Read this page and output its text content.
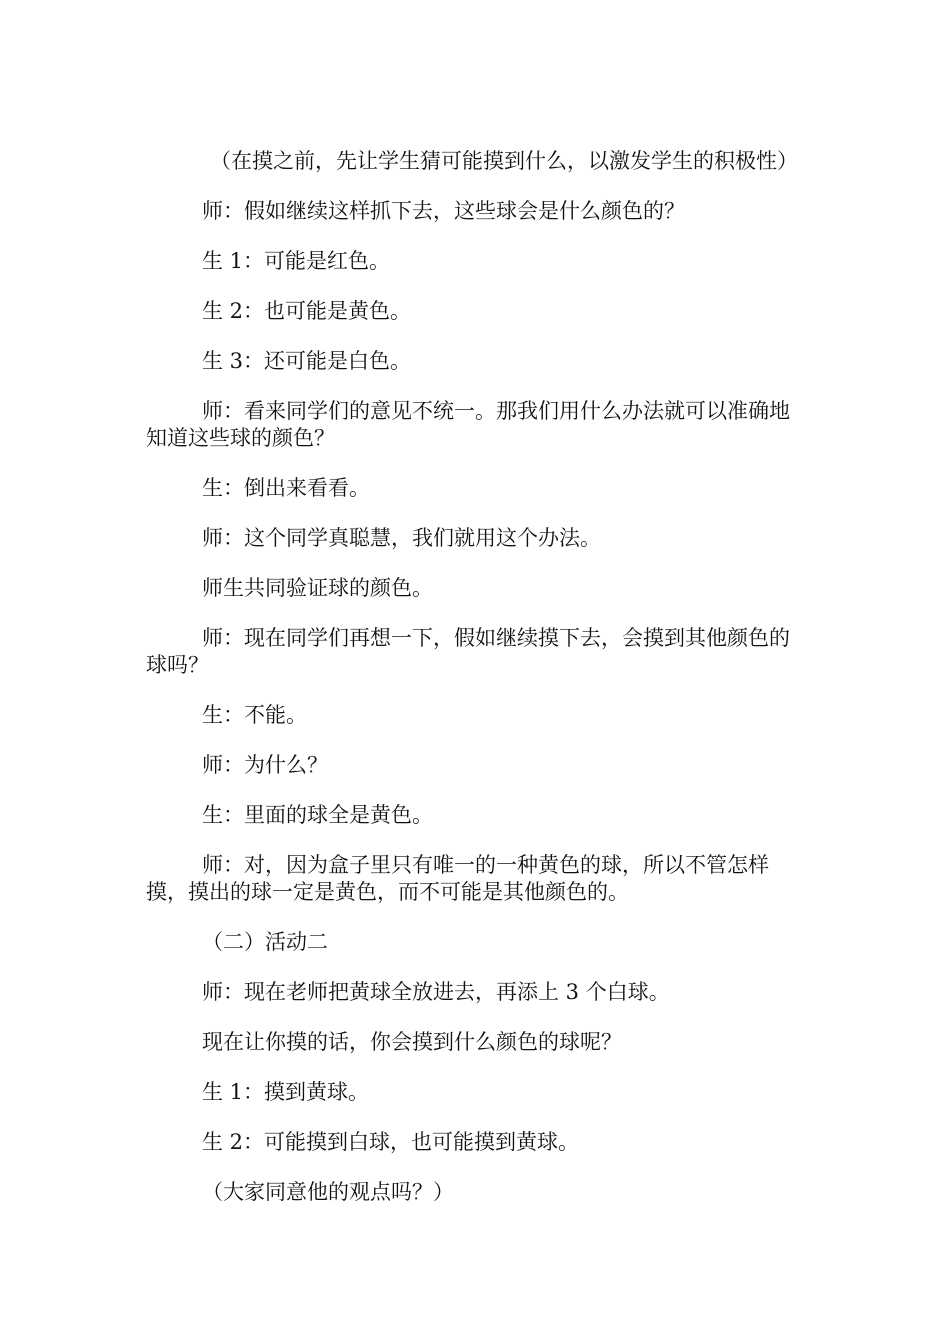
（在摸之前，先让学生猜可能摸到什么，以激发学生的积极性）

师：假如继续这样抓下去，这些球会是什么颜色的？

生 1：可能是红色。

生 2：也可能是黄色。

生 3：还可能是白色。

师：看来同学们的意见不统一。那我们用什么办法就可以准确地知道这些球的颜色？

生：倒出来看看。

师：这个同学真聪慧，我们就用这个办法。

师生共同验证球的颜色。

师：现在同学们再想一下，假如继续摸下去，会摸到其他颜色的球吗？

生：不能。

师：为什么？

生：里面的球全是黄色。

师：对，因为盒子里只有唯一的一种黄色的球，所以不管怎样摸，摸出的球一定是黄色，而不可能是其他颜色的。

（二）活动二

师：现在老师把黄球全放进去，再添上 3 个白球。

现在让你摸的话，你会摸到什么颜色的球呢？

生 1：摸到黄球。

生 2：可能摸到白球，也可能摸到黄球。

（大家同意他的观点吗？）
